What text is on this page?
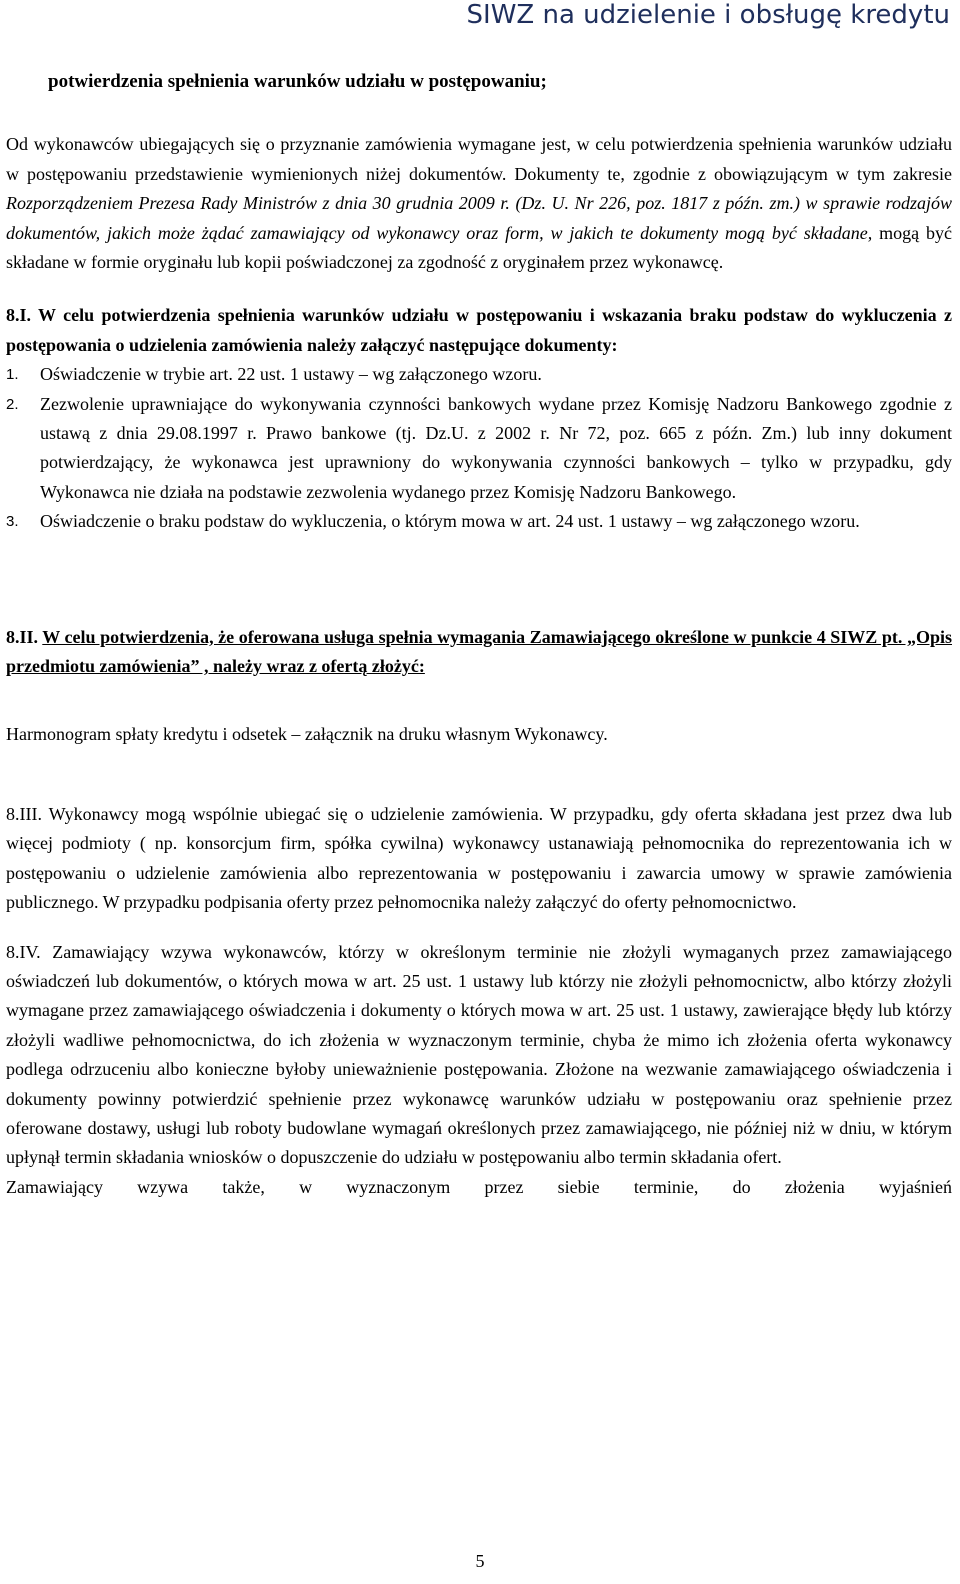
SIWZ na udzielenie i obsługę kredytu

potwierdzenia spełnienia warunków udziału w postępowaniu;

Od wykonawców ubiegających się o przyznanie zamówienia wymagane jest, w celu potwierdzenia spełnienia warunków udziału w postępowaniu przedstawienie wymienionych niżej dokumentów. Dokumenty te, zgodnie z obowiązującym w tym zakresie Rozporządzeniem Prezesa Rady Ministrów z dnia 30 grudnia 2009 r. (Dz. U. Nr 226, poz. 1817 z późn. zm.) w sprawie rodzajów dokumentów, jakich może żądać zamawiający od wykonawcy oraz form, w jakich te dokumenty mogą być składane, mogą być składane w formie oryginału lub kopii poświadczonej za zgodność z oryginałem przez wykonawcę.

8.I. W celu potwierdzenia spełnienia warunków udziału w postępowaniu i wskazania braku podstaw do wykluczenia z postępowania o udzielenia zamówienia należy załączyć następujące dokumenty:

1.	Oświadczenie w trybie art. 22 ust. 1 ustawy – wg załączonego wzoru.
2.	Zezwolenie uprawniające do wykonywania czynności bankowych wydane przez Komisję Nadzoru Bankowego zgodnie z ustawą z dnia 29.08.1997 r. Prawo bankowe (tj. Dz.U. z 2002 r. Nr 72, poz. 665 z późn. Zm.) lub inny dokument potwierdzający, że wykonawca jest uprawniony do wykonywania czynności bankowych – tylko w przypadku, gdy Wykonawca nie działa na podstawie zezwolenia wydanego przez Komisję Nadzoru Bankowego.
3.	Oświadczenie o braku podstaw do wykluczenia, o którym mowa w art. 24 ust. 1 ustawy – wg załączonego wzoru.

8.II. W celu potwierdzenia, że oferowana usługa spełnia wymagania Zamawiającego określone w punkcie 4 SIWZ pt. „Opis przedmiotu zamówienia” , należy wraz z ofertą złożyć:

Harmonogram spłaty kredytu i odsetek – załącznik na druku własnym Wykonawcy.

8.III. Wykonawcy mogą wspólnie ubiegać się o udzielenie zamówienia. W przypadku, gdy oferta składana jest przez dwa lub więcej podmioty ( np. konsorcjum firm, spółka cywilna) wykonawcy ustanawiają pełnomocnika do reprezentowania ich w postępowaniu o udzielenie zamówienia albo reprezentowania w postępowaniu i zawarcia umowy w sprawie zamówienia publicznego. W przypadku podpisania oferty przez pełnomocnika należy załączyć do oferty pełnomocnictwo.

8.IV. Zamawiający wzywa wykonawców, którzy w określonym terminie nie złożyli wymaganych przez zamawiającego oświadczeń lub dokumentów, o których mowa w art. 25 ust. 1 ustawy lub którzy nie złożyli pełnomocnictw, albo którzy złożyli wymagane przez zamawiającego oświadczenia i dokumenty o których mowa w art. 25 ust. 1 ustawy, zawierające błędy lub którzy złożyli wadliwe pełnomocnictwa, do ich złożenia w wyznaczonym terminie, chyba że mimo ich złożenia oferta wykonawcy podlega odrzuceniu albo konieczne byłoby unieważnienie postępowania. Złożone na wezwanie zamawiającego oświadczenia i dokumenty powinny potwierdzić spełnienie przez wykonawcę warunków udziału w postępowaniu oraz spełnienie przez oferowane dostawy, usługi lub roboty budowlane wymagań określonych przez zamawiającego, nie później niż w dniu, w którym upłynął termin składania wniosków o dopuszczenie do udziału w postępowaniu albo termin składania ofert.

Zamawiający wzywa także, w wyznaczonym przez siebie terminie, do złożenia wyjaśnień

5
